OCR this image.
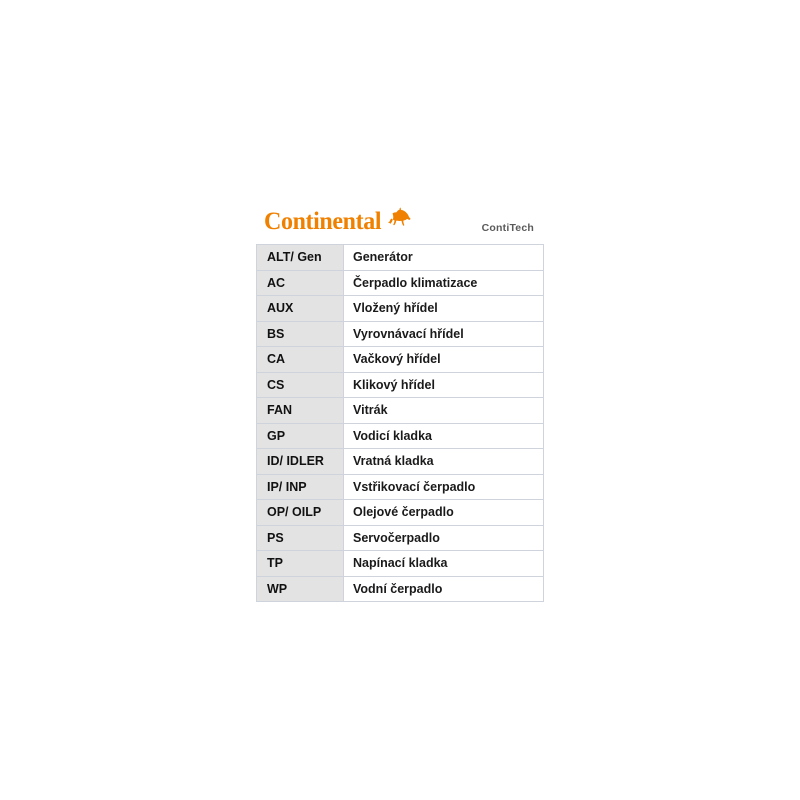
Continental	ContiTech
ALT/ Gen	Generátor
AC	Čerpadlo klimatizace
AUX	Vložený hřídel
BS	Vyrovnávací hřídel
CA	Vačkový hřídel
CS	Klikový hřídel
FAN	Vitrák
GP	Vodicí kladka
ID/ IDLER	Vratná kladka
IP/ INP	Vstřikovací čerpadlo
OP/ OILP	Olejové čerpadlo
PS	Servočerpadlo
TP	Napínací kladka
WP	Vodní čerpadlo
